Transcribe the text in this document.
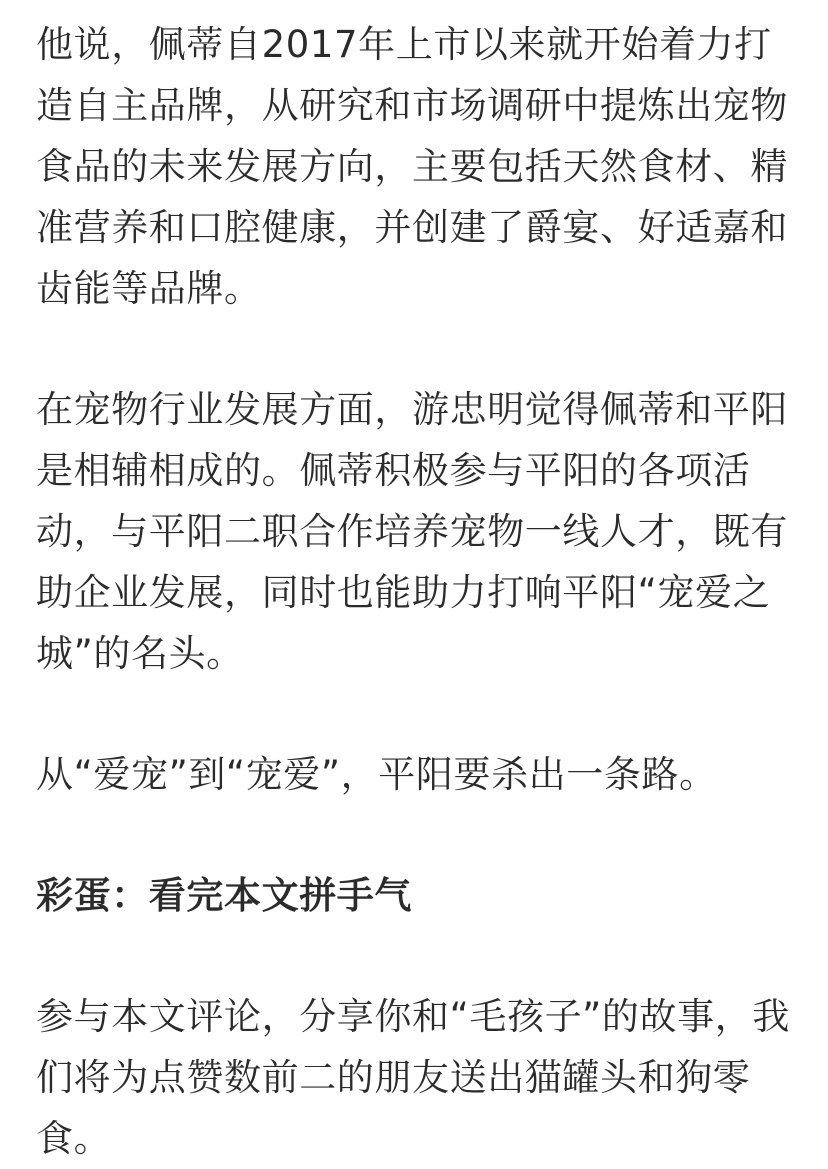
他说，佩蒂自2017年上市以来就开始着力打造自主品牌，从研究和市场调研中提炼出宠物食品的未来发展方向，主要包括天然食材、精准营养和口腔健康，并创建了爵宴、好适嘉和齿能等品牌。

在宠物行业发展方面，游忠明觉得佩蒂和平阳是相辅相成的。佩蒂积极参与平阳的各项活动，与平阳二职合作培养宠物一线人才，既有助企业发展，同时也能助力打响平阳“宠爱之城”的名头。

从“爱宠”到“宠爱”，平阳要杀出一条路。

彩蛋：看完本文拼手气

参与本文评论，分享你和“毛孩子”的故事，我们将为点赞数前二的朋友送出猫罐头和狗零食。
